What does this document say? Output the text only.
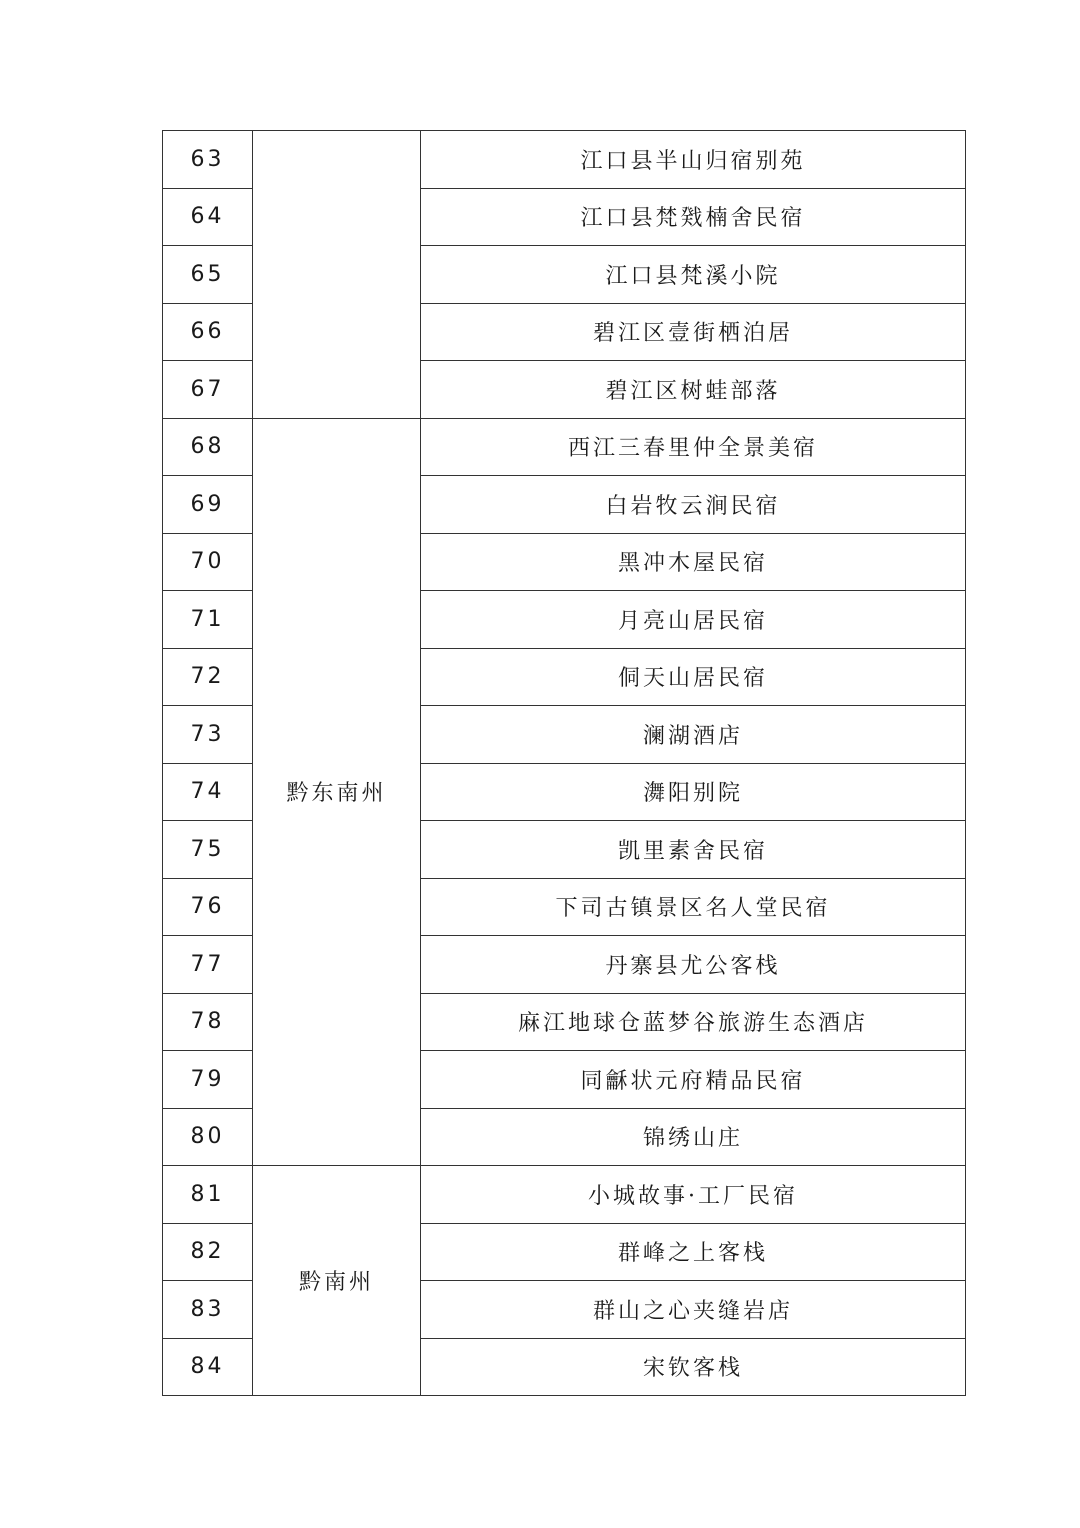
63		江口县半山归宿别苑
64		江口县梵戣楠舍民宿
65		江口县梵溪小院
66		碧江区壹街栖泊居
67		碧江区树蛙部落
68	黔东南州	西江三春里仲全景美宿
69		白岩牧云涧民宿
70		黑冲木屋民宿
71		月亮山居民宿
72		侗天山居民宿
73		澜湖酒店
74		㵲阳别院
75		凯里素舍民宿
76		下司古镇景区名人堂民宿
77		丹寨县尤公客栈
78		麻江地球仓蓝梦谷旅游生态酒店
79		同龢状元府精品民宿
80		锦绣山庄
81	黔南州	小城故事·工厂民宿
82		群峰之上客栈
83		群山之心夹缝岩店
84		宋钦客栈
